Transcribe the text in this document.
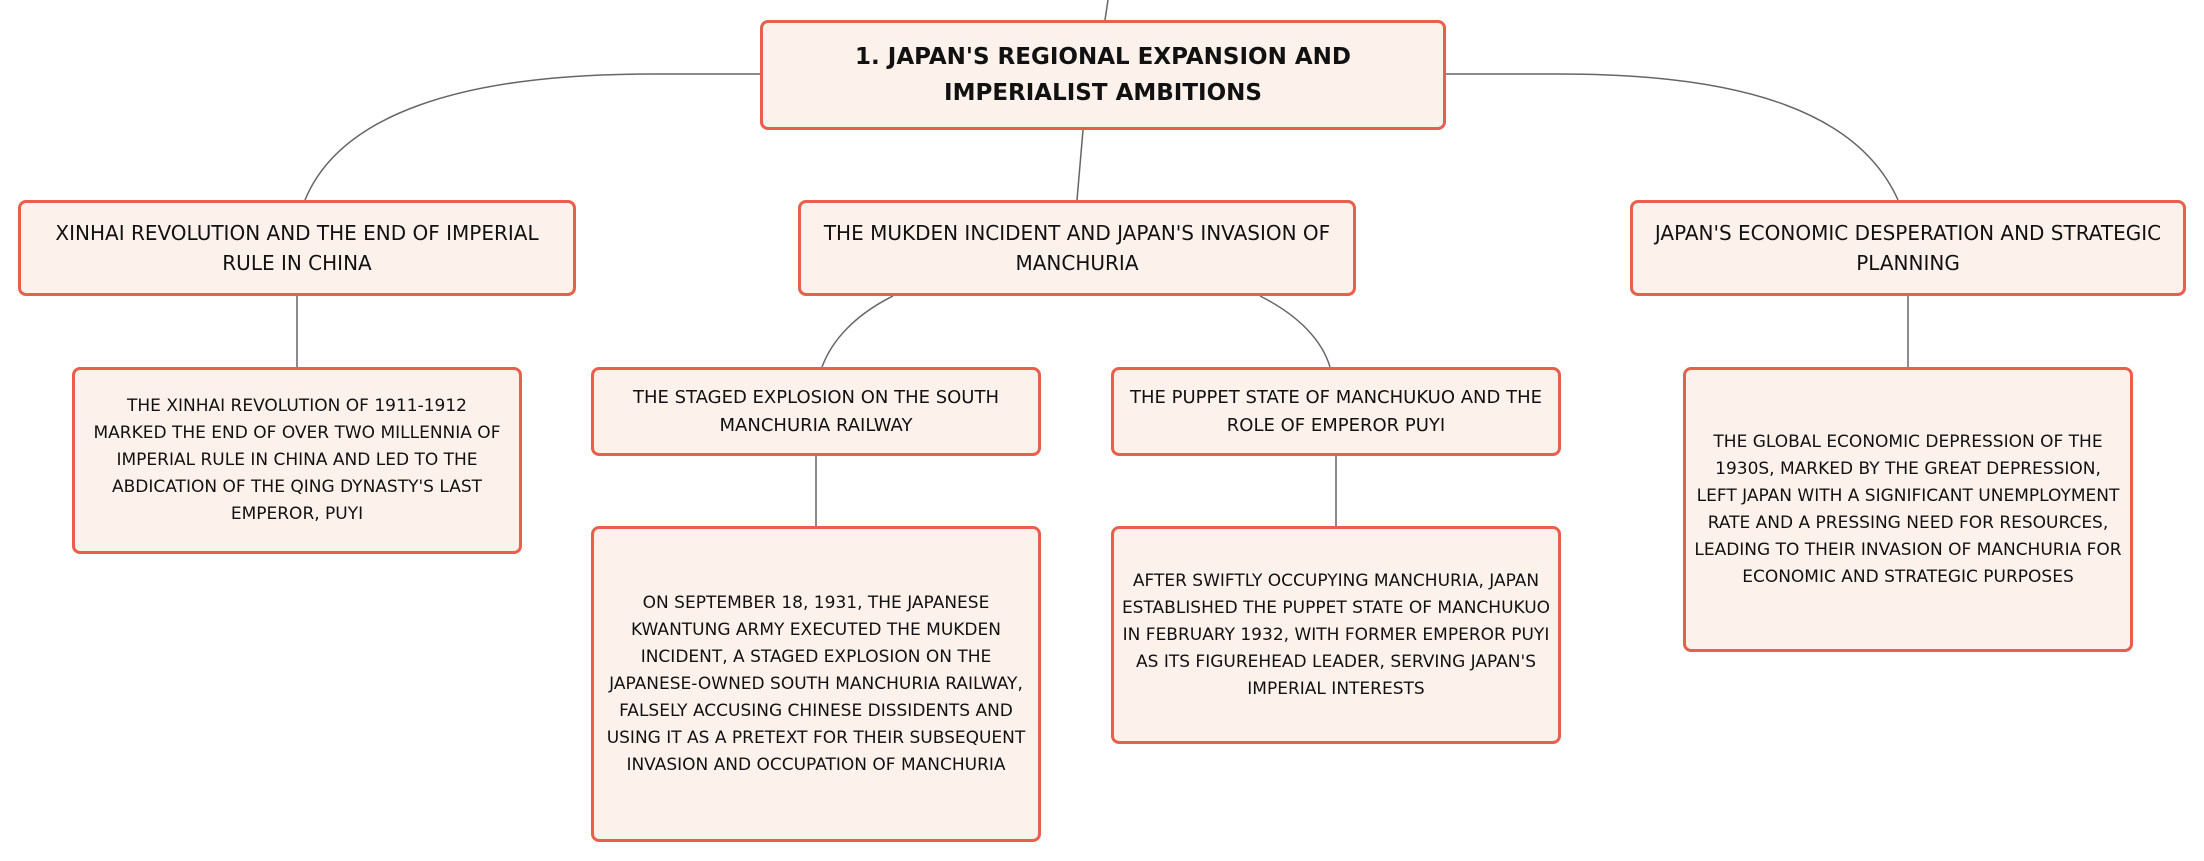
1. JAPAN'S REGIONAL EXPANSION AND IMPERIALIST AMBITIONS
XINHAI REVOLUTION AND THE END OF IMPERIAL RULE IN CHINA
THE MUKDEN INCIDENT AND JAPAN'S INVASION OF MANCHURIA
JAPAN'S ECONOMIC DESPERATION AND STRATEGIC PLANNING
THE STAGED EXPLOSION ON THE SOUTH MANCHURIA RAILWAY
THE PUPPET STATE OF MANCHUKUO AND THE ROLE OF EMPEROR PUYI
THE XINHAI REVOLUTION OF 1911-1912 MARKED THE END OF OVER TWO MILLENNIA OF IMPERIAL RULE IN CHINA AND LED TO THE ABDICATION OF THE QING DYNASTY'S LAST EMPEROR, PUYI
ON SEPTEMBER 18, 1931, THE JAPANESE KWANTUNG ARMY EXECUTED THE MUKDEN INCIDENT, A STAGED EXPLOSION ON THE JAPANESE-OWNED SOUTH MANCHURIA RAILWAY, FALSELY ACCUSING CHINESE DISSIDENTS AND USING IT AS A PRETEXT FOR THEIR SUBSEQUENT INVASION AND OCCUPATION OF MANCHURIA
AFTER SWIFTLY OCCUPYING MANCHURIA, JAPAN ESTABLISHED THE PUPPET STATE OF MANCHUKUO IN FEBRUARY 1932, WITH FORMER EMPEROR PUYI AS ITS FIGUREHEAD LEADER, SERVING JAPAN'S IMPERIAL INTERESTS
THE GLOBAL ECONOMIC DEPRESSION OF THE 1930S, MARKED BY THE GREAT DEPRESSION, LEFT JAPAN WITH A SIGNIFICANT UNEMPLOYMENT RATE AND A PRESSING NEED FOR RESOURCES, LEADING TO THEIR INVASION OF MANCHURIA FOR ECONOMIC AND STRATEGIC PURPOSES
